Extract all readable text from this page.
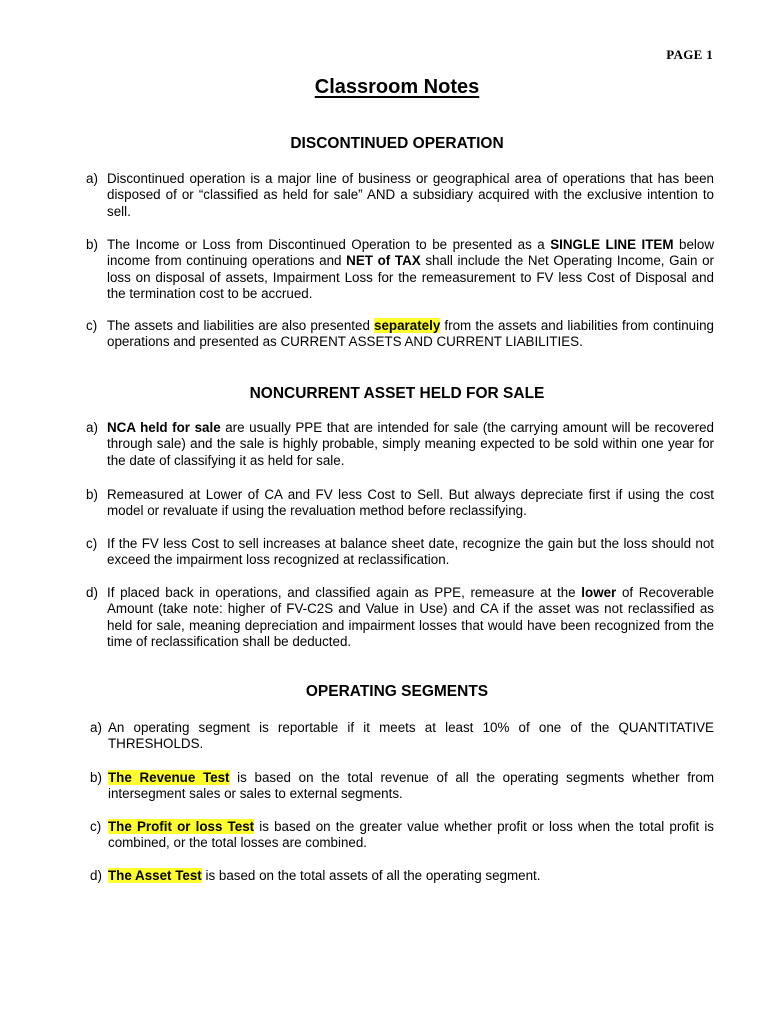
PAGE 1
Classroom Notes
DISCONTINUED OPERATION
a) Discontinued operation is a major line of business or geographical area of operations that has been disposed of or “classified as held for sale” AND a subsidiary acquired with the exclusive intention to sell.
b) The Income or Loss from Discontinued Operation to be presented as a SINGLE LINE ITEM below income from continuing operations and NET of TAX shall include the Net Operating Income, Gain or loss on disposal of assets, Impairment Loss for the remeasurement to FV less Cost of Disposal and the termination cost to be accrued.
c) The assets and liabilities are also presented separately from the assets and liabilities from continuing operations and presented as CURRENT ASSETS AND CURRENT LIABILITIES.
NONCURRENT ASSET HELD FOR SALE
a) NCA held for sale are usually PPE that are intended for sale (the carrying amount will be recovered through sale) and the sale is highly probable, simply meaning expected to be sold within one year for the date of classifying it as held for sale.
b) Remeasured at Lower of CA and FV less Cost to Sell. But always depreciate first if using the cost model or revaluate if using the revaluation method before reclassifying.
c) If the FV less Cost to sell increases at balance sheet date, recognize the gain but the loss should not exceed the impairment loss recognized at reclassification.
d) If placed back in operations, and classified again as PPE, remeasure at the lower of Recoverable Amount (take note: higher of FV-C2S and Value in Use) and CA if the asset was not reclassified as held for sale, meaning depreciation and impairment losses that would have been recognized from the time of reclassification shall be deducted.
OPERATING SEGMENTS
a) An operating segment is reportable if it meets at least 10% of one of the QUANTITATIVE THRESHOLDS.
b) The Revenue Test is based on the total revenue of all the operating segments whether from intersegment sales or sales to external segments.
c) The Profit or loss Test is based on the greater value whether profit or loss when the total profit is combined, or the total losses are combined.
d) The Asset Test is based on the total assets of all the operating segment.
